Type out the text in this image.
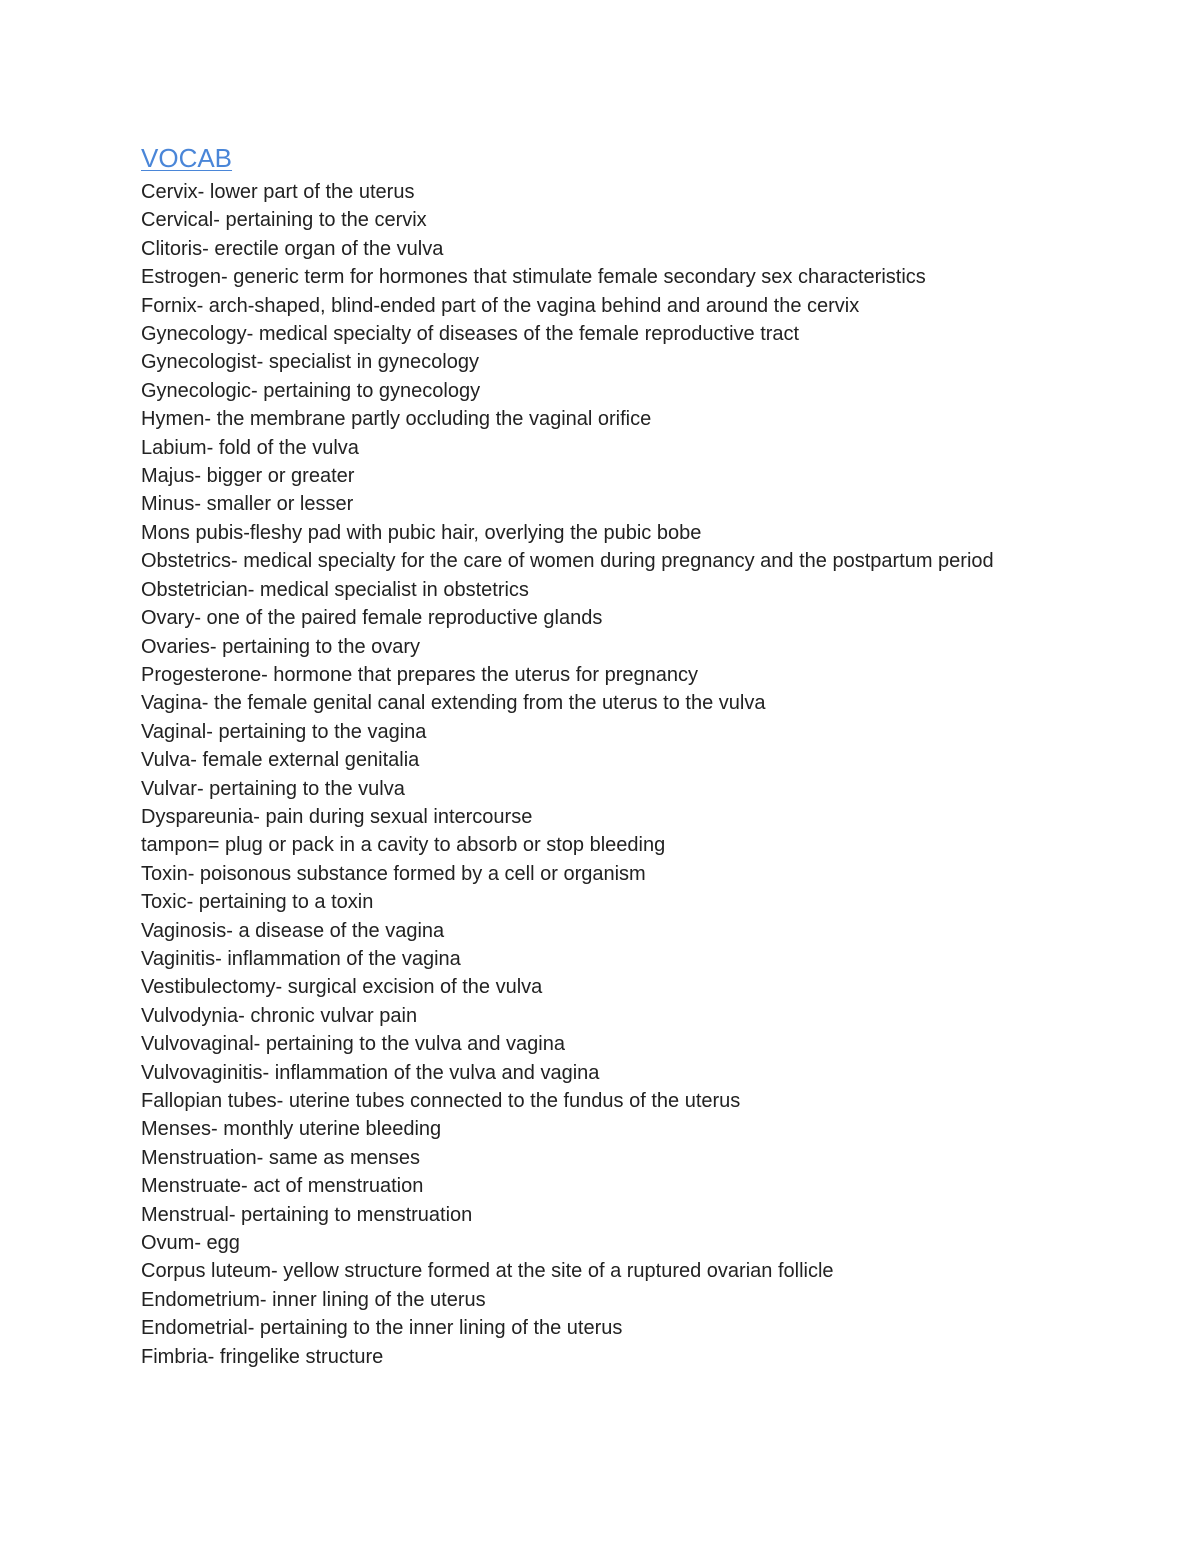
VOCAB
Cervix- lower part of the uterus
Cervical- pertaining to the cervix
Clitoris- erectile organ of the vulva
Estrogen- generic term for hormones that stimulate female secondary sex characteristics
Fornix- arch-shaped, blind-ended part of the vagina behind and around the cervix
Gynecology- medical specialty of diseases of the female reproductive tract
Gynecologist- specialist in gynecology
Gynecologic- pertaining to gynecology
Hymen- the membrane partly occluding the vaginal orifice
Labium- fold of the vulva
Majus- bigger or greater
Minus- smaller or lesser
Mons pubis-fleshy pad with pubic hair, overlying the pubic bobe
Obstetrics- medical specialty for the care of women during pregnancy and the postpartum period
Obstetrician- medical specialist in obstetrics
Ovary- one of the paired female reproductive glands
Ovaries- pertaining to the ovary
Progesterone- hormone that prepares the uterus for pregnancy
Vagina- the female genital canal extending from the uterus to the vulva
Vaginal- pertaining to the vagina
Vulva- female external genitalia
Vulvar- pertaining to the vulva
Dyspareunia- pain during sexual intercourse
tampon= plug or pack in a cavity to absorb or stop bleeding
Toxin- poisonous substance formed by a cell or organism
Toxic- pertaining to a toxin
Vaginosis- a disease of the vagina
Vaginitis- inflammation of the vagina
Vestibulectomy- surgical excision of the vulva
Vulvodynia- chronic vulvar pain
Vulvovaginal- pertaining to the vulva and vagina
Vulvovaginitis- inflammation of the vulva and vagina
Fallopian tubes- uterine tubes connected to the fundus of the uterus
Menses- monthly uterine bleeding
Menstruation- same as menses
Menstruate- act of menstruation
Menstrual- pertaining to menstruation
Ovum- egg
Corpus luteum- yellow structure formed at the site of a ruptured ovarian follicle
Endometrium- inner lining of the uterus
Endometrial- pertaining to the inner lining of the uterus
Fimbria- fringelike structure
